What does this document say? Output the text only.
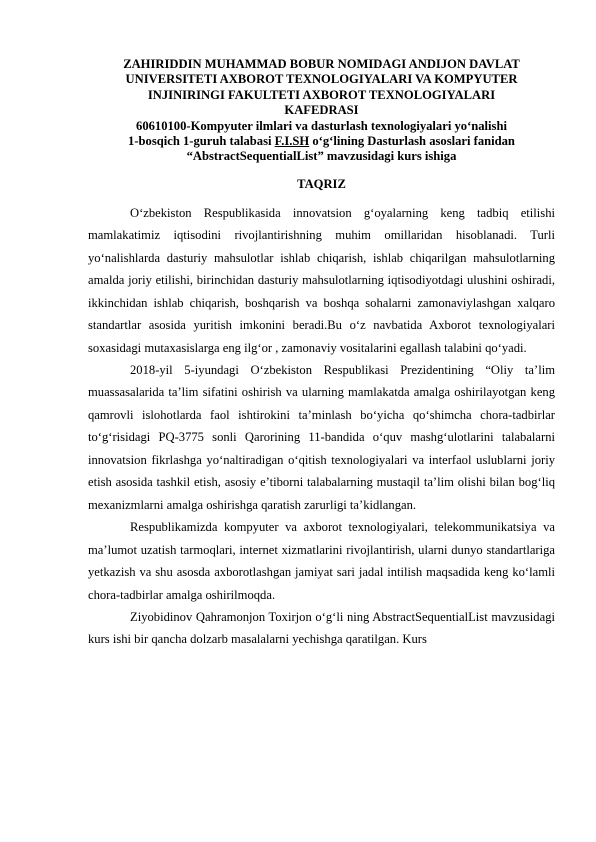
ZAHIRIDDIN MUHAMMAD BOBUR NOMIDAGI ANDIJON DAVLAT
UNIVERSITETI AXBOROT TEXNOLOGIYALARI VA KOMPYUTER
INJINIRINGI FAKULTETI AXBOROT TEXNOLOGIYALARI
KAFEDRASI
60610100-Kompyuter ilmlari va dasturlash texnologiyalari yo‘nalishi
1-bosqich 1-guruh talabasi F.I.SH o‘g‘lining Dasturlash asoslari fanidan
“AbstractSequentialList” mavzusidagi kurs ishiga
TAQRIZ

O‘zbekiston Respublikasida innovatsion g‘oyalarning keng tadbiq etilishi mamlakatimiz iqtisodini rivojlantirishning muhim omillaridan hisoblanadi. Turli yo‘nalishlarda dasturiy mahsulotlar ishlab chiqarish, ishlab chiqarilgan mahsulotlarning amalda joriy etilishi, birinchidan dasturiy mahsulotlarning iqtisodiyotdagi ulushini oshiradi, ikkinchidan ishlab chiqarish, boshqarish va boshqa sohalarni zamonaviylashgan xalqaro standartlar asosida yuritish imkonini beradi.Bu o‘z navbatida Axborot texnologiyalari soxasidagi mutaxasislarga eng ilg‘or , zamonaviy vositalarini egallash talabini qo‘yadi.

2018-yil 5-iyundagi O‘zbekiston Respublikasi Prezidentining “Oliy ta’lim muassasalarida ta’lim sifatini oshirish va ularning mamlakatda amalga oshirilayotgan keng qamrovli islohotlarda faol ishtirokini ta’minlash bo‘yicha qo‘shimcha chora-tadbirlar to‘g‘risidagi PQ-3775 sonli Qarorining 11-bandida o‘quv mashg‘ulotlarini talabalarni innovatsion fikrlashga yo‘naltiradigan o‘qitish texnologiyalari va interfaol uslublarni joriy etish asosida tashkil etish, asosiy e’tiborni talabalarning mustaqil ta’lim olishi bilan bog‘liq mexanizmlarni amalga oshirishga qaratish zarurligi ta’kidlangan.

Respublikamizda kompyuter va axborot texnologiyalari, telekommunikatsiya va ma’lumot uzatish tarmoqlari, internet xizmatlarini rivojlantirish, ularni dunyo standartlariga yetkazish va shu asosda axborotlashgan jamiyat sari jadal intilish maqsadida keng ko‘lamli chora-tadbirlar amalga oshirilmoqda.

Ziyobidinov Qahramonjon Toxirjon o‘g‘li ning AbstractSequentialList mavzusidagi kurs ishi bir qancha dolzarb masalalarni yechishga qaratilgan. Kurs
